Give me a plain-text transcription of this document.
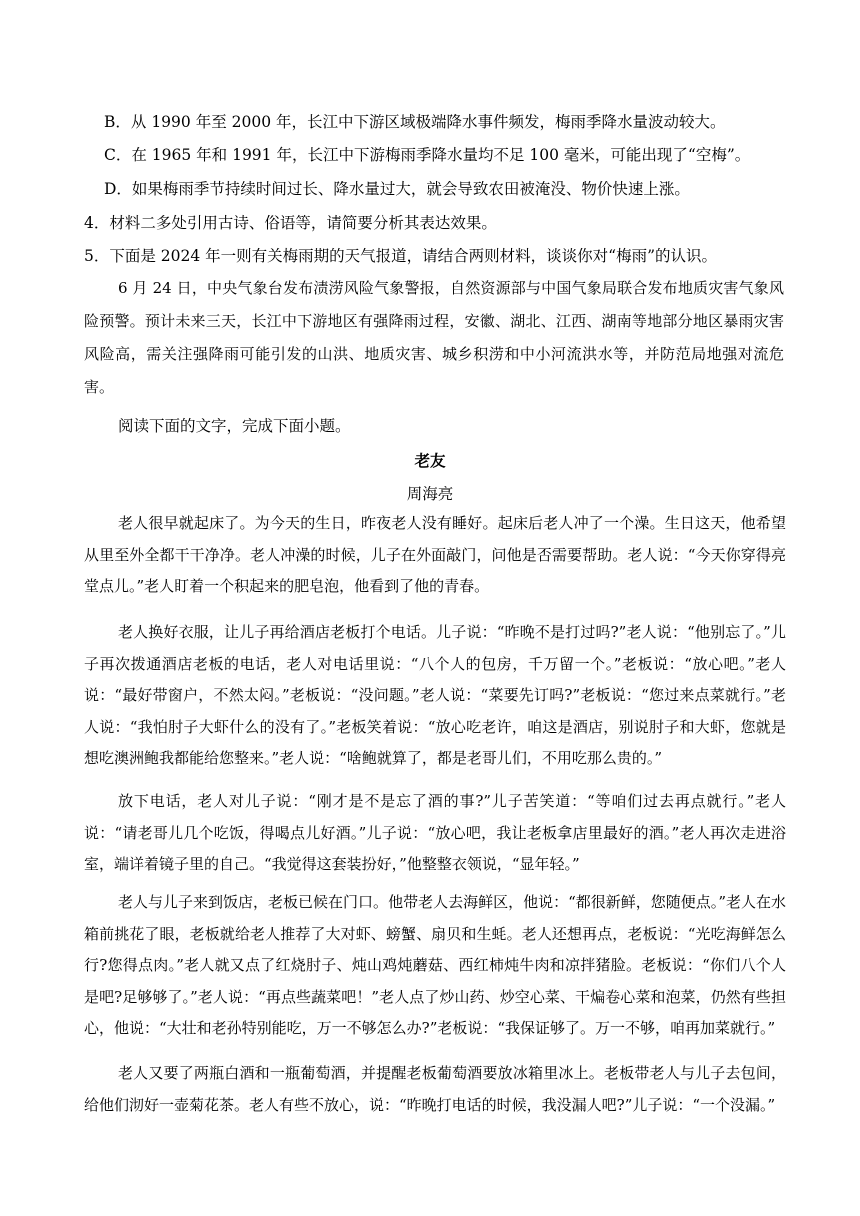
B．从 1990 年至 2000 年，长江中下游区域极端降水事件频发，梅雨季降水量波动较大。
C．在 1965 年和 1991 年，长江中下游梅雨季降水量均不足 100 毫米，可能出现了“空梅”。
D．如果梅雨季节持续时间过长、降水量过大，就会导致农田被淹没、物价快速上涨。
4．材料二多处引用古诗、俗语等，请简要分析其表达效果。
5．下面是 2024 年一则有关梅雨期的天气报道，请结合两则材料，谈谈你对“梅雨”的认识。
6 月 24 日，中央气象台发布渍涝风险气象警报，自然资源部与中国气象局联合发布地质灾害气象风险预警。预计未来三天，长江中下游地区有强降雨过程，安徽、湖北、江西、湖南等地部分地区暴雨灾害风险高，需关注强降雨可能引发的山洪、地质灾害、城乡积涝和中小河流洪水等，并防范局地强对流危害。
阅读下面的文字，完成下面小题。
老友
周海亮
老人很早就起床了。为今天的生日，昨夜老人没有睡好。起床后老人冲了一个澡。生日这天，他希望从里至外全都干干净净。老人冲澡的时候，儿子在外面敲门，问他是否需要帮助。老人说：“今天你穿得亮堂点儿。”老人盯着一个积起来的肥皂泡，他看到了他的青春。
老人换好衣服，让儿子再给酒店老板打个电话。儿子说：“昨晚不是打过吗?”老人说：“他别忘了。”儿子再次拨通酒店老板的电话，老人对电话里说：“八个人的包房，千万留一个。”老板说：“放心吧。”老人说：“最好带窗户，不然太闷。”老板说：“没问题。”老人说：“菜要先订吗?”老板说：“您过来点菜就行。”老人说：“我怕肘子大虾什么的没有了。”老板笑着说：“放心吃老许，咱这是酒店，别说肘子和大虾，您就是想吃澳洲鲍我都能给您整来。”老人说：“啥鲍就算了，都是老哥儿们，不用吃那么贵的。”
放下电话，老人对儿子说：“刚才是不是忘了酒的事?”儿子苦笑道：“等咱们过去再点就行。”老人说：“请老哥儿几个吃饭，得喝点儿好酒。”儿子说：“放心吧，我让老板拿店里最好的酒。”老人再次走进浴室，端详着镜子里的自己。“我觉得这套装扮好，”他整整衣领说，“显年轻。”
老人与儿子来到饭店，老板已候在门口。他带老人去海鲜区，他说：“都很新鲜，您随便点。”老人在水箱前挑花了眼，老板就给老人推荐了大对虾、螃蟹、扇贝和生蚝。老人还想再点，老板说：“光吃海鲜怎么行?您得点肉。”老人就又点了红烧肘子、炖山鸡炖蘑菇、西红柿炖牛肉和凉拌猪脸。老板说：“你们八个人是吧?足够够了。”老人说：“再点些蔬菜吧！”老人点了炒山药、炒空心菜、干煸卷心菜和泡菜，仍然有些担心，他说：“大壮和老孙特别能吃，万一不够怎么办?”老板说：“我保证够了。万一不够，咱再加菜就行。”
老人又要了两瓶白酒和一瓶葡萄酒，并提醒老板葡萄酒要放冰箱里冰上。老板带老人与儿子去包间，给他们沏好一壶菊花茶。老人有些不放心，说：“昨晚打电话的时候，我没漏人吧?”儿子说：“一个没漏。”
